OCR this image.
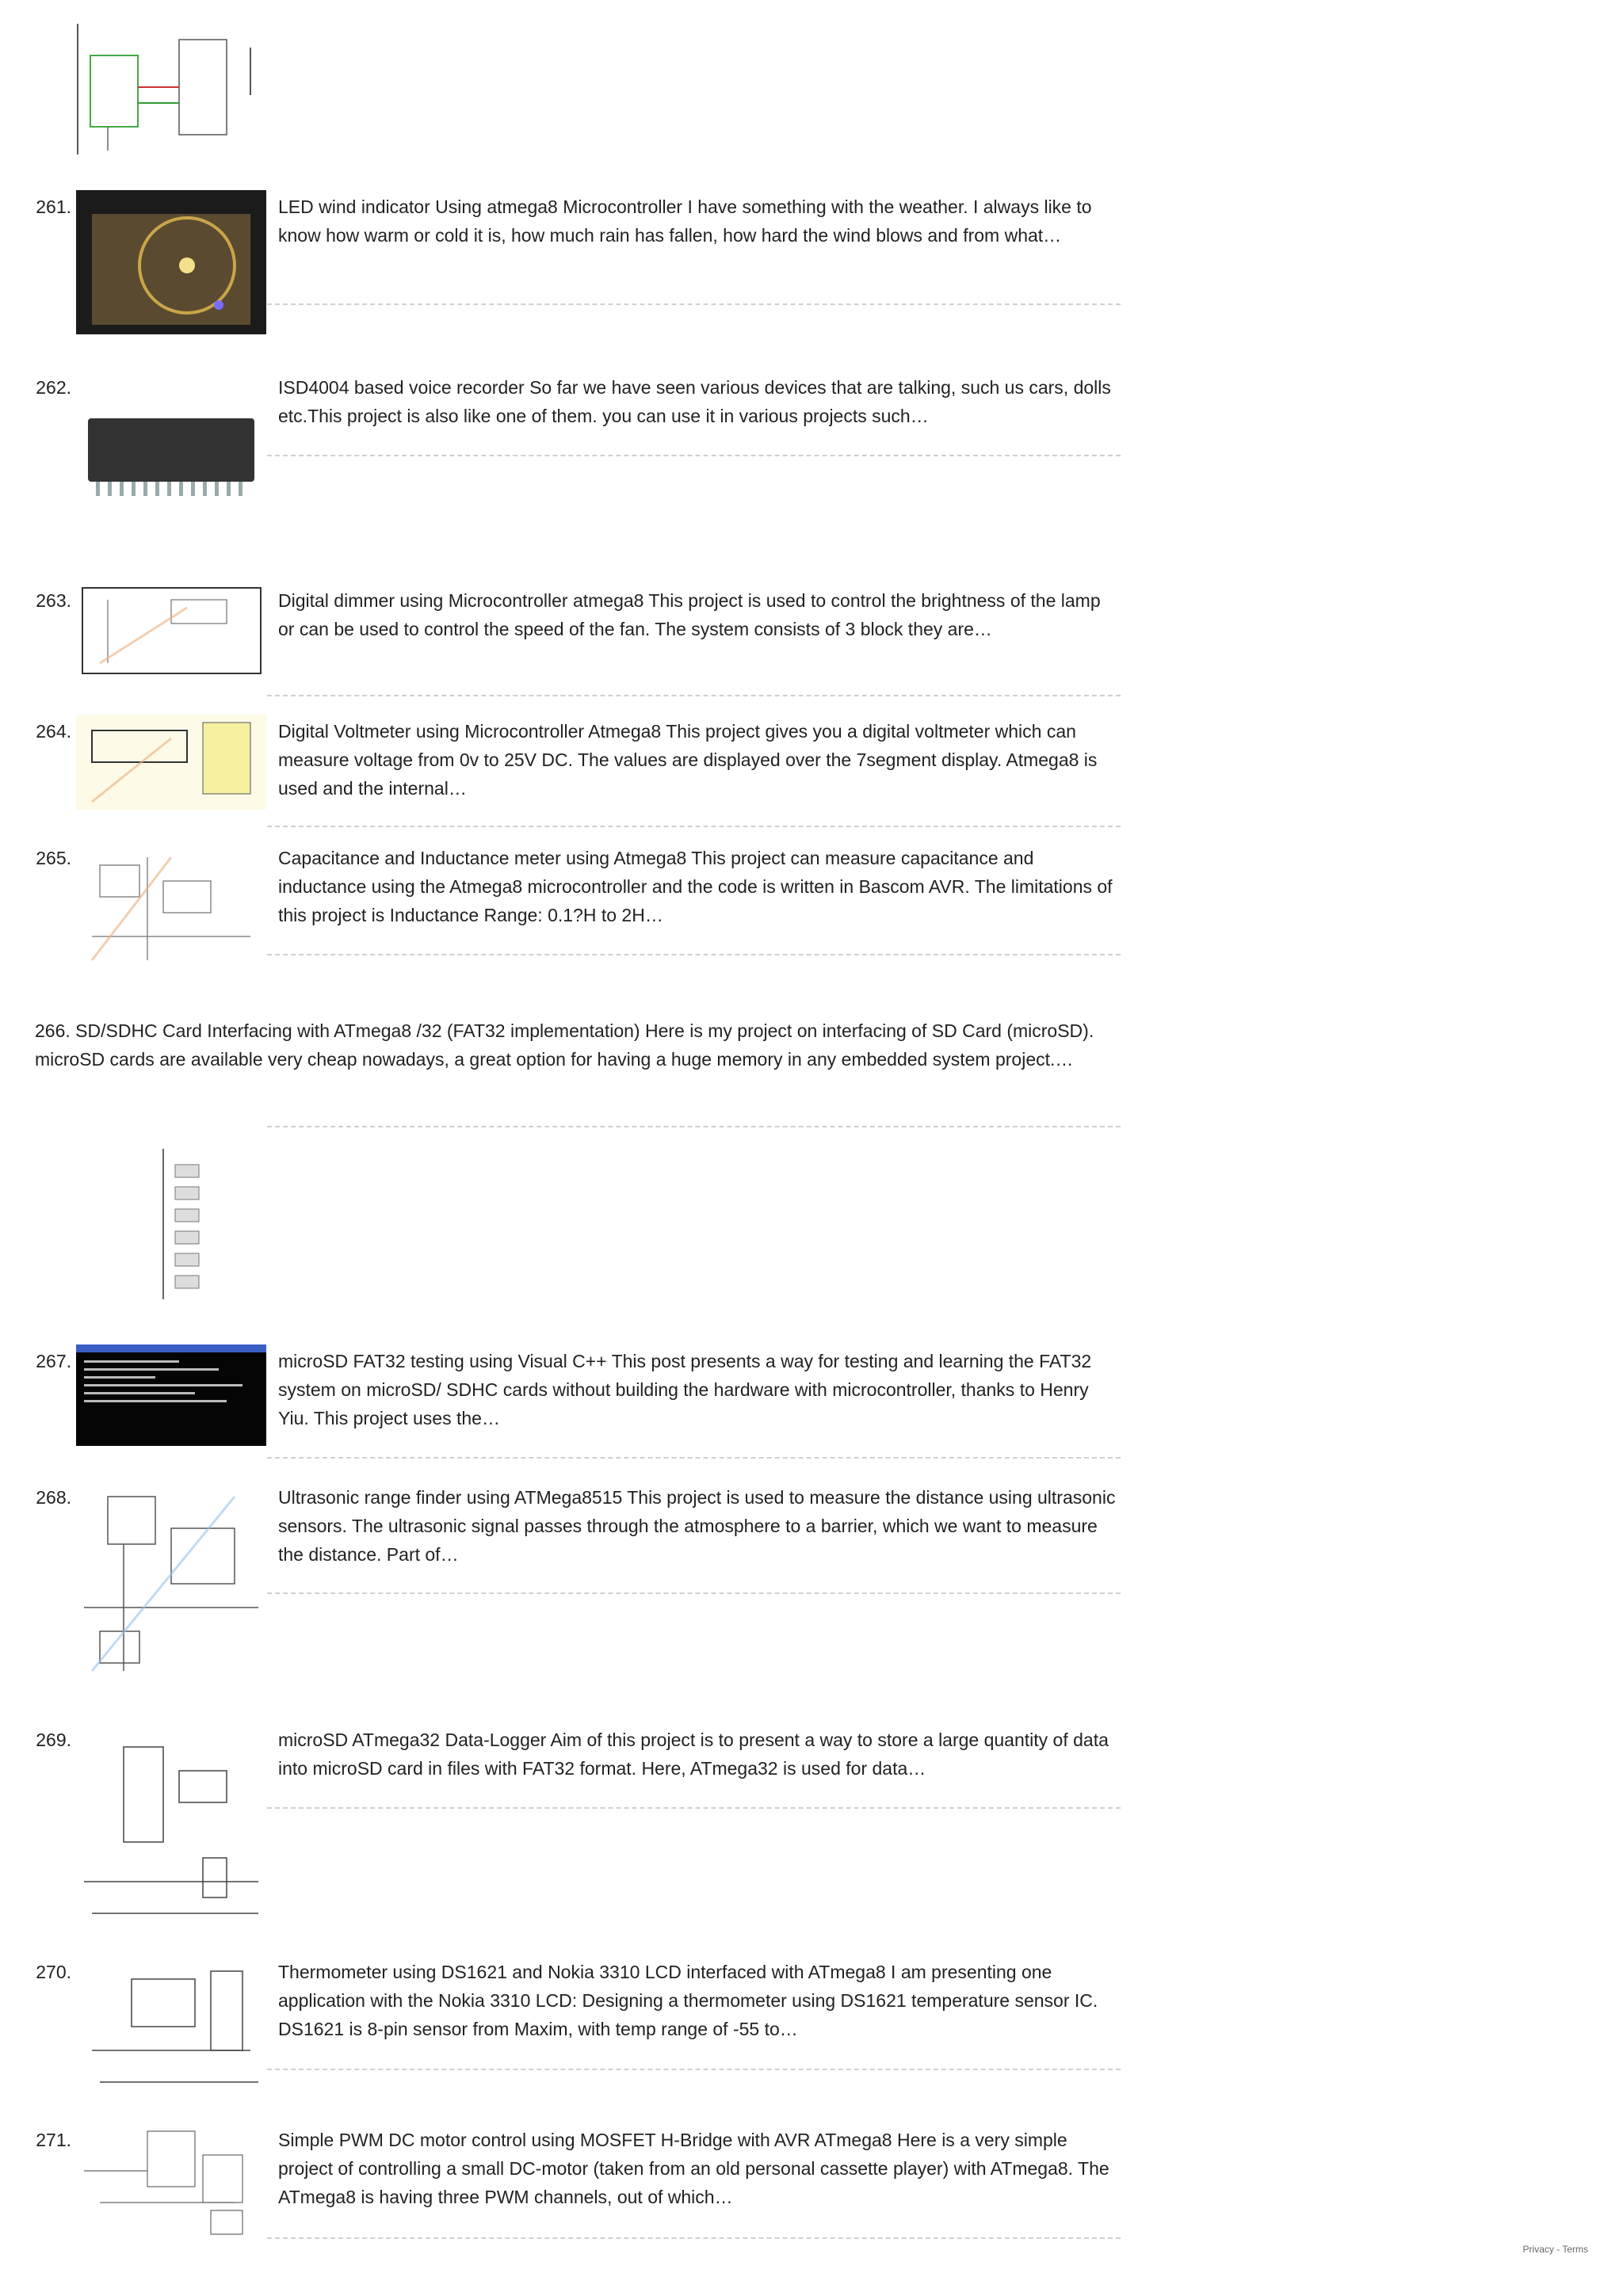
261.	LED wind indicator Using atmega8 Microcontroller I have something with the weather. I always like to know how warm or cold it is, how much rain has fallen, how hard the wind blows and from what…

262.	ISD4004 based voice recorder So far we have seen various devices that are talking, such us cars, dolls etc.This project is also like one of them. you can use it in various projects such…

263.	Digital dimmer using Microcontroller atmega8 This project is used to control the brightness of the lamp or can be used to control the speed of the fan. The system consists of 3 block they are…

264.	Digital Voltmeter using Microcontroller Atmega8 This project gives you a digital voltmeter which can measure voltage from 0v to 25V DC. The values are displayed over the 7segment display. Atmega8 is used and the internal…

265.	Capacitance and Inductance meter using Atmega8 This project can measure capacitance and inductance using the Atmega8 microcontroller and the code is written in Bascom AVR. The limitations of this project is Inductance Range: 0.1?H to 2H…

266. SD/SDHC Card Interfacing with ATmega8 /32 (FAT32 implementation) Here is my project on interfacing of SD Card (microSD). microSD cards are available very cheap nowadays, a great option for having a huge memory in any embedded system project.…

267.	microSD FAT32 testing using Visual C++ This post presents a way for testing and learning the FAT32 system on microSD/ SDHC cards without building the hardware with microcontroller, thanks to Henry Yiu. This project uses the…

268.	Ultrasonic range finder using ATMega8515 This project is used to measure the distance using ultrasonic sensors. The ultrasonic signal passes through the atmosphere to a barrier, which we want to measure the distance. Part of…

269.	microSD ATmega32 Data-Logger Aim of this project is to present a way to store a large quantity of data into microSD card in files with FAT32 format. Here, ATmega32 is used for data…

270.	Thermometer using DS1621 and Nokia 3310 LCD interfaced with ATmega8 I am presenting one application with the Nokia 3310 LCD: Designing a thermometer using DS1621 temperature sensor IC. DS1621 is 8-pin sensor from Maxim, with temp range of -55 to…

271.	Simple PWM DC motor control using MOSFET H-Bridge with AVR ATmega8 Here is a very simple project of controlling a small DC-motor (taken from an old personal cassette player) with ATmega8. The ATmega8 is having three PWM channels, out of which…

Privacy - Terms
